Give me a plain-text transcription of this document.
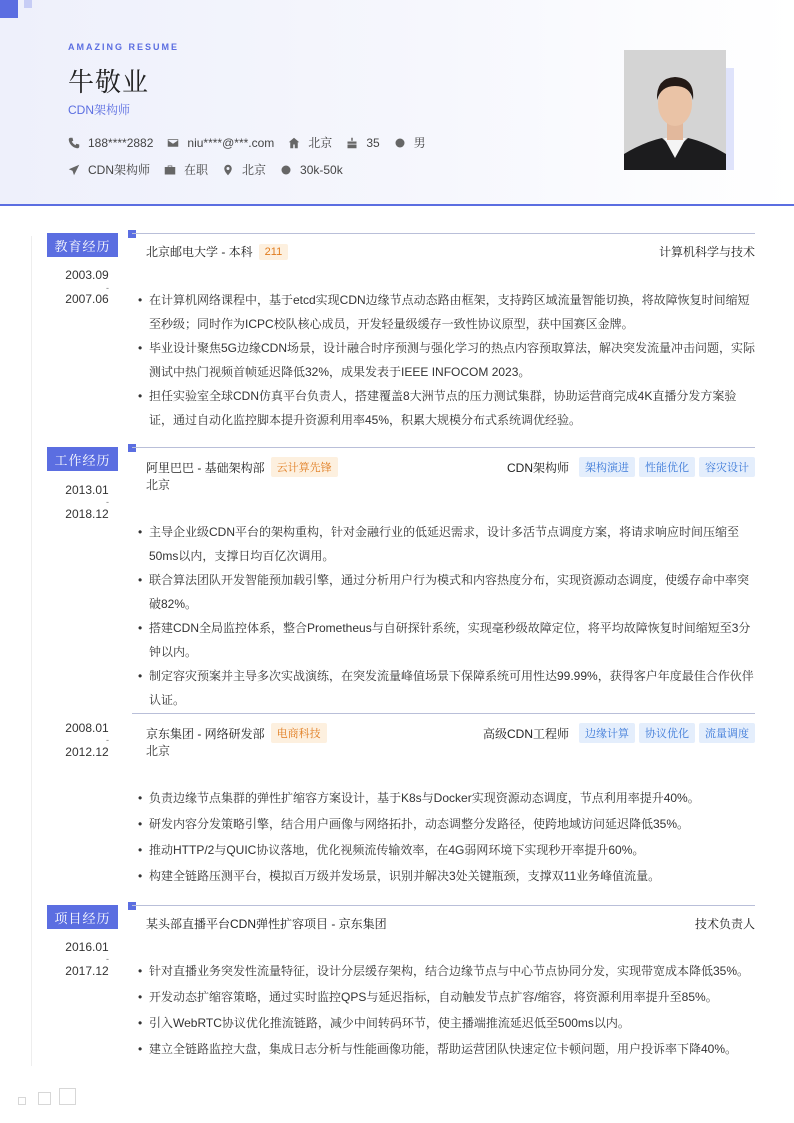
AMAZING RESUME
牛敬业
CDN架构师
188****2882	niu****@***.com	北京	35	男
CDN架构师	在职	北京	30k-50k
教育经历	北京邮电大学 - 本科	211	计算机科学与技术
2003.09
-
2007.06	• 在计算机网络课程中，基于etcd实现CDN边缘节点动态路由框架，支持跨区域流量智能切换，将故障恢复时间缩短至秒级；同时作为ICPC校队核心成员，开发轻量级缓存一致性协议原型，获中国赛区金牌。
• 毕业设计聚焦5G边缘CDN场景，设计融合时序预测与强化学习的热点内容预取算法，解决突发流量冲击问题，实际测试中热门视频首帧延迟降低32%，成果发表于IEEE INFOCOM 2023。
• 担任实验室全球CDN仿真平台负责人，搭建覆盖8大洲节点的压力测试集群，协助运营商完成4K直播分发方案验证，通过自动化监控脚本提升资源利用率45%，积累大规模分布式系统调优经验。
工作经历	阿里巴巴 - 基础架构部	云计算先锋	CDN架构师	架构演进	性能优化	容灾设计
北京
2013.01
-
2018.12
• 主导企业级CDN平台的架构重构，针对金融行业的低延迟需求，设计多活节点调度方案，将请求响应时间压缩至50ms以内，支撑日均百亿次调用。
• 联合算法团队开发智能预加载引擎，通过分析用户行为模式和内容热度分布，实现资源动态调度，使缓存命中率突破82%。
• 搭建CDN全局监控体系，整合Prometheus与自研探针系统，实现毫秒级故障定位，将平均故障恢复时间缩短至3分钟以内。
• 制定容灾预案并主导多次实战演练，在突发流量峰值场景下保障系统可用性达99.99%，获得客户年度最佳合作伙伴认证。
京东集团 - 网络研发部	电商科技	高级CDN工程师	边缘计算	协议优化	流量调度
北京
2008.01
-
2012.12
• 负责边缘节点集群的弹性扩缩容方案设计，基于K8s与Docker实现资源动态调度，节点利用率提升40%。
• 研发内容分发策略引擎，结合用户画像与网络拓扑，动态调整分发路径，使跨地域访问延迟降低35%。
• 推动HTTP/2与QUIC协议落地，优化视频流传输效率，在4G弱网环境下实现秒开率提升60%。
• 构建全链路压测平台，模拟百万级并发场景，识别并解决3处关键瓶颈，支撑双11业务峰值流量。
项目经历	某头部直播平台CDN弹性扩容项目 - 京东集团	技术负责人
2016.01
-
2017.12	• 针对直播业务突发性流量特征，设计分层缓存架构，结合边缘节点与中心节点协同分发，实现带宽成本降低35%。
• 开发动态扩缩容策略，通过实时监控QPS与延迟指标，自动触发节点扩容/缩容，将资源利用率提升至85%。
• 引入WebRTC协议优化推流链路，减少中间转码环节，使主播端推流延迟低至500ms以内。
• 建立全链路监控大盘，集成日志分析与性能画像功能，帮助运营团队快速定位卡顿问题，用户投诉率下降40%。
